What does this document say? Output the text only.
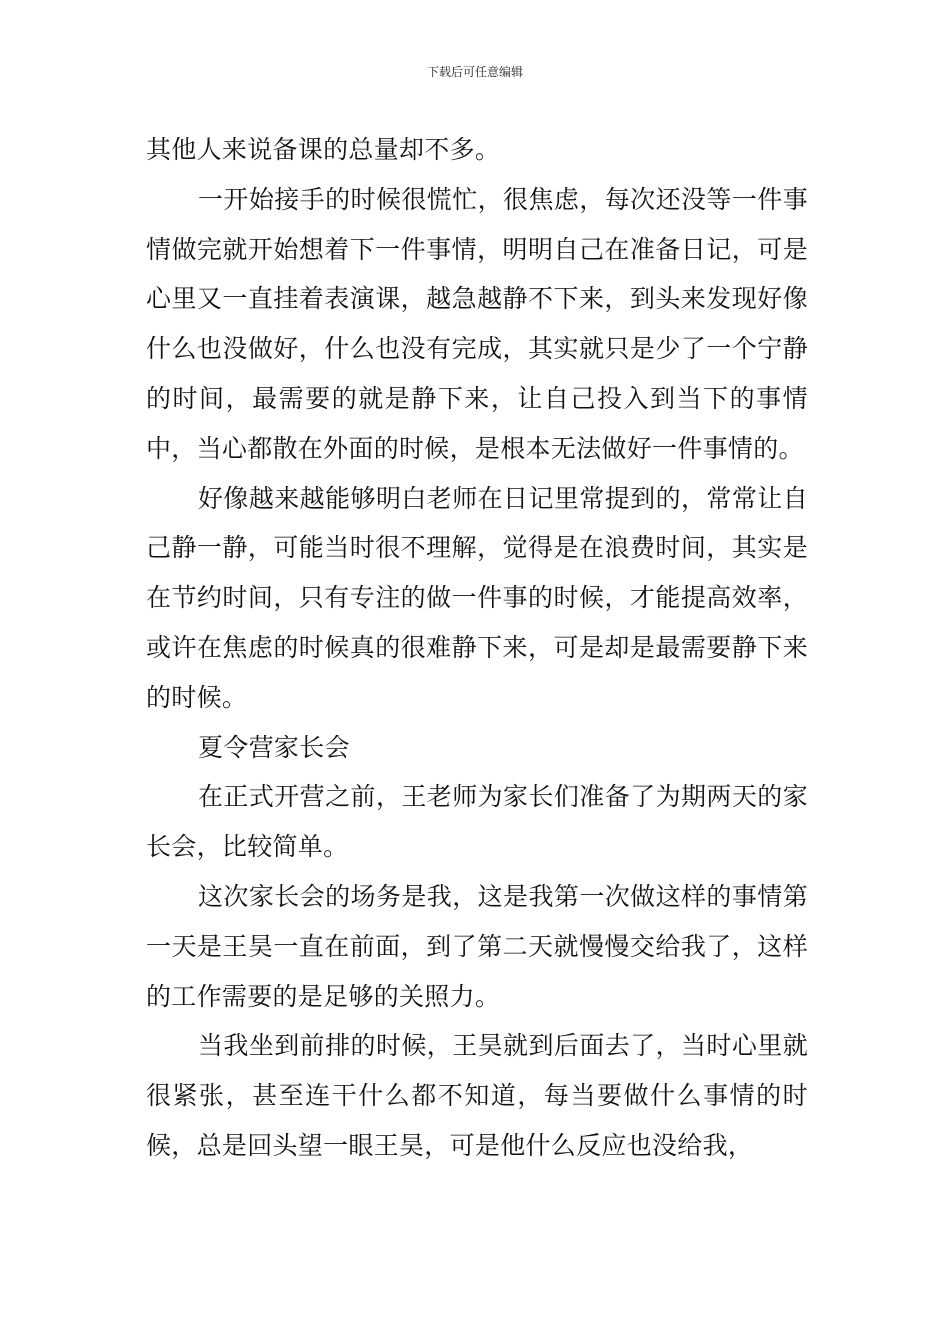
下载后可任意编辑

其他人来说备课的总量却不多。

一开始接手的时候很慌忙，很焦虑，每次还没等一件事情做完就开始想着下一件事情，明明自己在准备日记，可是心里又一直挂着表演课，越急越静不下来，到头来发现好像什么也没做好，什么也没有完成，其实就只是少了一个宁静的时间，最需要的就是静下来，让自己投入到当下的事情中，当心都散在外面的时候，是根本无法做好一件事情的。

好像越来越能够明白老师在日记里常提到的，常常让自己静一静，可能当时很不理解，觉得是在浪费时间，其实是在节约时间，只有专注的做一件事的时候，才能提高效率，或许在焦虑的时候真的很难静下来，可是却是最需要静下来的时候。

夏令营家长会

在正式开营之前，王老师为家长们准备了为期两天的家长会，比较简单。

这次家长会的场务是我，这是我第一次做这样的事情第一天是王昊一直在前面，到了第二天就慢慢交给我了，这样的工作需要的是足够的关照力。

当我坐到前排的时候，王昊就到后面去了，当时心里就很紧张，甚至连干什么都不知道，每当要做什么事情的时候，总是回头望一眼王昊，可是他什么反应也没给我，
